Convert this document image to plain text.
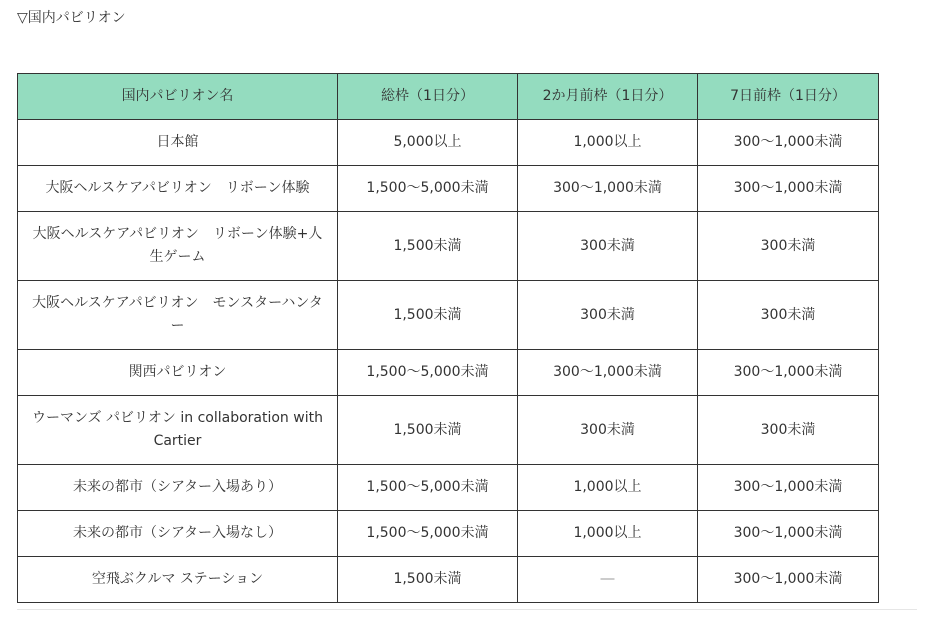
▽国内パビリオン
国内パビリオン名	総枠（1日分）	2か月前枠（1日分）	7日前枠（1日分）
日本館	5,000以上	1,000以上	300～1,000未満
大阪ヘルスケアパビリオン　リボーン体験	1,500～5,000未満	300～1,000未満	300～1,000未満
大阪ヘルスケアパビリオン　リボーン体験+人生ゲーム	1,500未満	300未満	300未満
大阪ヘルスケアパビリオン　モンスターハンター	1,500未満	300未満	300未満
関西パビリオン	1,500～5,000未満	300～1,000未満	300～1,000未満
ウーマンズ パビリオン in collaboration with Cartier	1,500未満	300未満	300未満
未来の都市（シアター入場あり）	1,500～5,000未満	1,000以上	300～1,000未満
未来の都市（シアター入場なし）	1,500～5,000未満	1,000以上	300～1,000未満
空飛ぶクルマ ステーション	1,500未満	―	300～1,000未満
